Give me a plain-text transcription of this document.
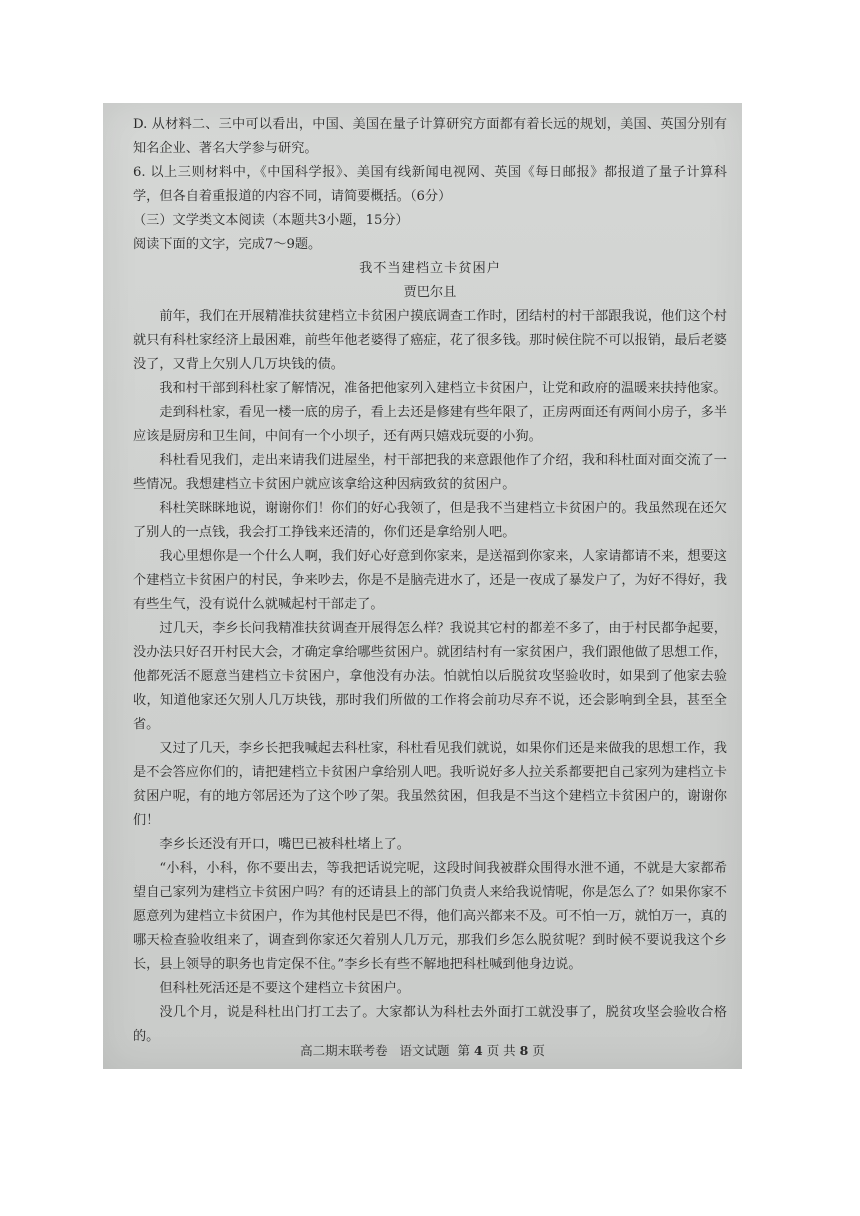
D. 从材料二、三中可以看出，中国、美国在量子计算研究方面都有着长远的规划，美国、英国分别有知名企业、著名大学参与研究。

6. 以上三则材料中，《中国科学报》、美国有线新闻电视网、英国《每日邮报》都报道了量子计算科学，但各自着重报道的内容不同，请简要概括。（6分）

（三）文学类文本阅读（本题共3小题，15分）

阅读下面的文字，完成7～9题。

我不当建档立卡贫困户

贾巴尔且

前年，我们在开展精准扶贫建档立卡贫困户摸底调查工作时，团结村的村干部跟我说，他们这个村就只有科杜家经济上最困难，前些年他老婆得了癌症，花了很多钱。那时候住院不可以报销，最后老婆没了，又背上欠别人几万块钱的债。

我和村干部到科杜家了解情况，准备把他家列入建档立卡贫困户，让党和政府的温暖来扶持他家。

走到科杜家，看见一楼一底的房子，看上去还是修建有些年限了，正房两面还有两间小房子，多半应该是厨房和卫生间，中间有一个小坝子，还有两只嬉戏玩耍的小狗。

科杜看见我们，走出来请我们进屋坐，村干部把我的来意跟他作了介绍，我和科杜面对面交流了一些情况。我想建档立卡贫困户就应该拿给这种因病致贫的贫困户。

科杜笑眯眯地说，谢谢你们！你们的好心我领了，但是我不当建档立卡贫困户的。我虽然现在还欠了别人的一点钱，我会打工挣钱来还清的，你们还是拿给别人吧。

我心里想你是一个什么人啊，我们好心好意到你家来，是送福到你家来，人家请都请不来，想要这个建档立卡贫困户的村民，争来吵去，你是不是脑壳进水了，还是一夜成了暴发户了，为好不得好，我有些生气，没有说什么就喊起村干部走了。

过几天，李乡长问我精准扶贫调查开展得怎么样？我说其它村的都差不多了，由于村民都争起要，没办法只好召开村民大会，才确定拿给哪些贫困户。就团结村有一家贫困户，我们跟他做了思想工作，他都死活不愿意当建档立卡贫困户，拿他没有办法。怕就怕以后脱贫攻坚验收时，如果到了他家去验收，知道他家还欠别人几万块钱，那时我们所做的工作将会前功尽弃不说，还会影响到全县，甚至全省。

又过了几天，李乡长把我喊起去科杜家，科杜看见我们就说，如果你们还是来做我的思想工作，我是不会答应你们的，请把建档立卡贫困户拿给别人吧。我听说好多人拉关系都要把自己家列为建档立卡贫困户呢，有的地方邻居还为了这个吵了架。我虽然贫困，但我是不当这个建档立卡贫困户的，谢谢你们！

李乡长还没有开口，嘴巴已被科杜堵上了。

“小科，小科，你不要出去，等我把话说完呢，这段时间我被群众围得水泄不通，不就是大家都希望自己家列为建档立卡贫困户吗？有的还请县上的部门负责人来给我说情呢，你是怎么了？如果你家不愿意列为建档立卡贫困户，作为其他村民是巴不得，他们高兴都来不及。可不怕一万，就怕万一，真的哪天检查验收组来了，调查到你家还欠着别人几万元，那我们乡怎么脱贫呢？到时候不要说我这个乡长，县上领导的职务也肯定保不住。”李乡长有些不解地把科杜喊到他身边说。

但科杜死活还是不要这个建档立卡贫困户。

没几个月，说是科杜出门打工去了。大家都认为科杜去外面打工就没事了，脱贫攻坚会验收合格的。

高二期末联考卷 语文试题 第 4 页 共 8 页
